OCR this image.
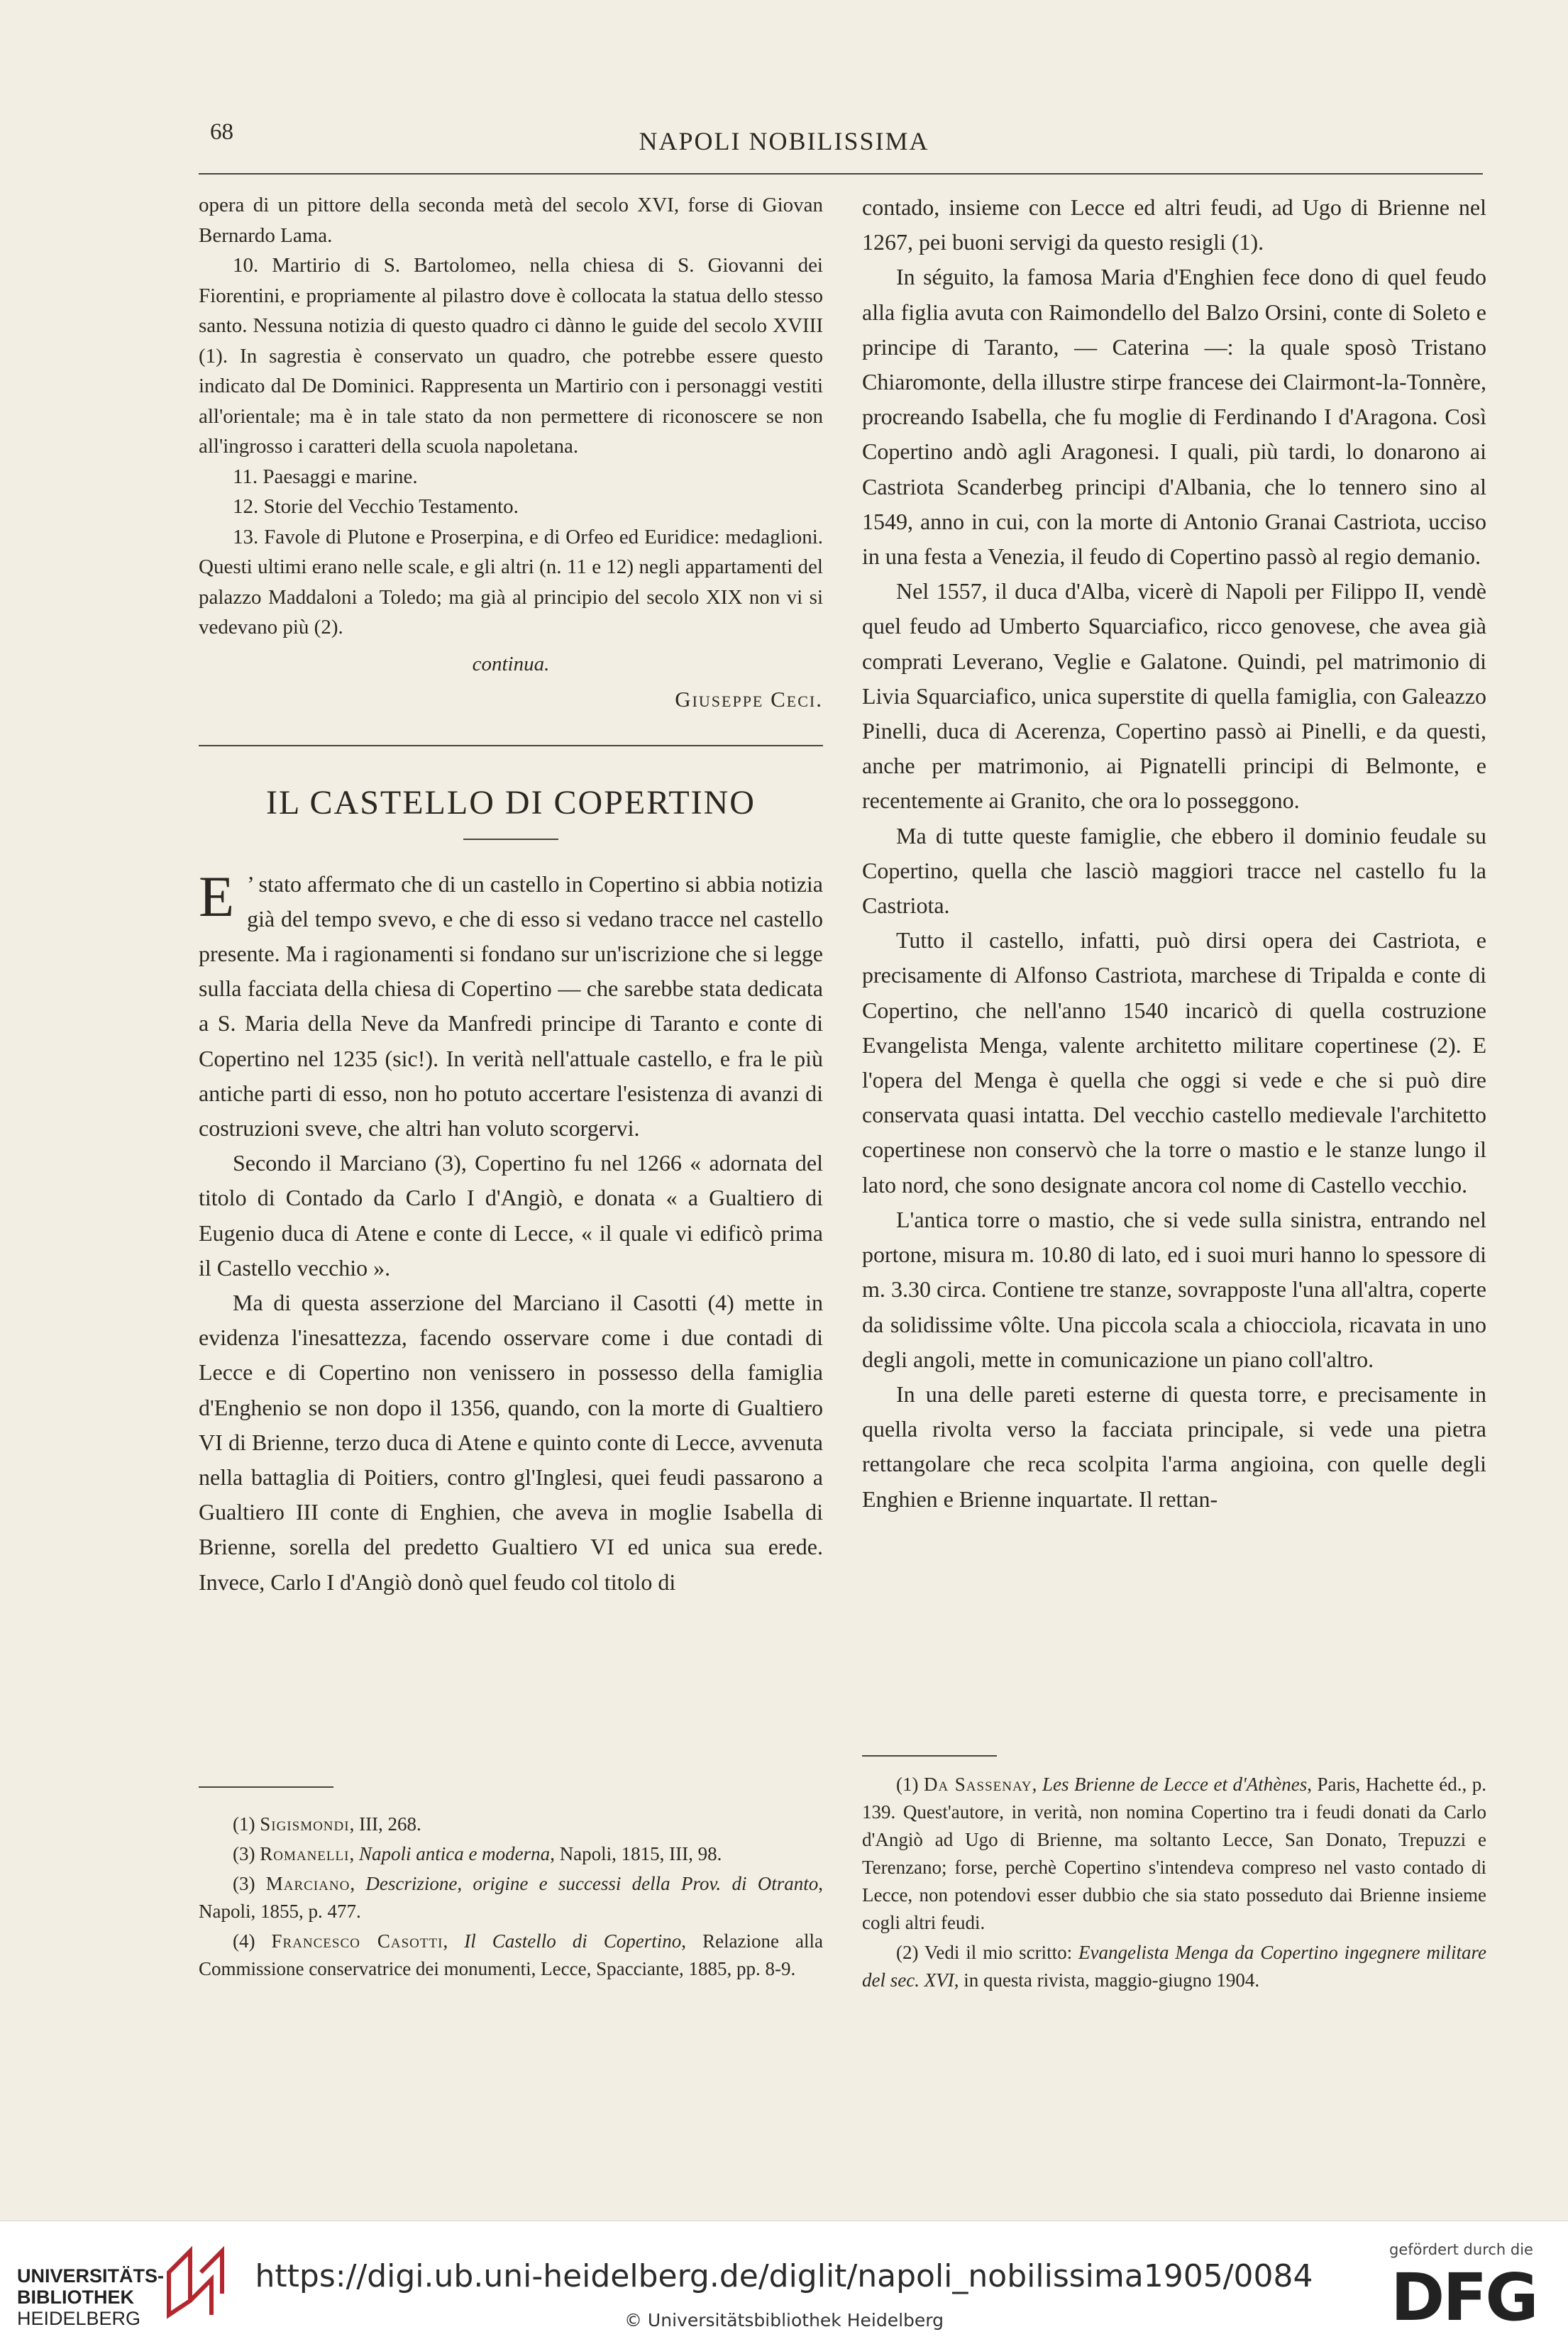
68	NAPOLI NOBILISSIMA

opera di un pittore della seconda metà del secolo XVI, forse di Giovan Bernardo Lama.

10. Martirio di S. Bartolomeo, nella chiesa di S. Giovanni dei Fiorentini, e propriamente al pilastro dove è collocata la statua dello stesso santo. Nessuna notizia di questo quadro ci dànno le guide del secolo XVIII (1). In sagrestia è conservato un quadro, che potrebbe essere questo indicato dal De Dominici. Rappresenta un Martirio con i personaggi vestiti all'orientale; ma è in tale stato da non permettere di riconoscere se non all'ingrosso i caratteri della scuola napoletana.

11. Paesaggi e marine.

12. Storie del Vecchio Testamento.

13. Favole di Plutone e Proserpina, e di Orfeo ed Euridice: medaglioni. Questi ultimi erano nelle scale, e gli altri (n. 11 e 12) negli appartamenti del palazzo Maddaloni a Toledo; ma già al principio del secolo XIX non vi si vedevano più (2).

continua.
Giuseppe Ceci.
IL CASTELLO DI COPERTINO

E ’ stato affermato che di un castello in Copertino si abbia notizia già del tempo svevo, e che di esso si vedano tracce nel castello presente. Ma i ragionamenti si fondano sur un'iscrizione che si legge sulla facciata della chiesa di Copertino — che sarebbe stata dedicata a S. Maria della Neve da Manfredi principe di Taranto e conte di Copertino nel 1235 (sic!). In verità nell'attuale castello, e fra le più antiche parti di esso, non ho potuto accertare l'esistenza di avanzi di costruzioni sveve, che altri han voluto scorgervi.

Secondo il Marciano (3), Copertino fu nel 1266 « adornata del titolo di Contado da Carlo I d'Angiò, e donata « a Gualtiero di Eugenio duca di Atene e conte di Lecce, « il quale vi edificò prima il Castello vecchio ».

Ma di questa asserzione del Marciano il Casotti (4) mette in evidenza l'inesattezza, facendo osservare come i due contadi di Lecce e di Copertino non venissero in possesso della famiglia d'Enghenio se non dopo il 1356, quando, con la morte di Gualtiero VI di Brienne, terzo duca di Atene e quinto conte di Lecce, avvenuta nella battaglia di Poitiers, contro gl'Inglesi, quei feudi passarono a Gualtiero III conte di Enghien, che aveva in moglie Isabella di Brienne, sorella del predetto Gualtiero VI ed unica sua erede. Invece, Carlo I d'Angiò donò quel feudo col titolo di

(1) Sigismondi, III, 268.

(3) Romanelli, Napoli antica e moderna, Napoli, 1815, III, 98.

(3) Marciano, Descrizione, origine e successi della Prov. di Otranto, Napoli, 1855, p. 477.

(4) Francesco Casotti, Il Castello di Copertino, Relazione alla Commissione conservatrice dei monumenti, Lecce, Spacciante, 1885, pp. 8-9.

contado, insieme con Lecce ed altri feudi, ad Ugo di Brienne nel 1267, pei buoni servigi da questo resigli (1).

In séguito, la famosa Maria d'Enghien fece dono di quel feudo alla figlia avuta con Raimondello del Balzo Orsini, conte di Soleto e principe di Taranto, — Caterina —: la quale sposò Tristano Chiaromonte, della illustre stirpe francese dei Clairmont-la-Tonnère, procreando Isabella, che fu moglie di Ferdinando I d'Aragona. Così Copertino andò agli Aragonesi. I quali, più tardi, lo donarono ai Castriota Scanderbeg principi d'Albania, che lo tennero sino al 1549, anno in cui, con la morte di Antonio Granai Castriota, ucciso in una festa a Venezia, il feudo di Copertino passò al regio demanio.

Nel 1557, il duca d'Alba, vicerè di Napoli per Filippo II, vendè quel feudo ad Umberto Squarciafico, ricco genovese, che avea già comprati Leverano, Veglie e Galatone. Quindi, pel matrimonio di Livia Squarciafico, unica superstite di quella famiglia, con Galeazzo Pinelli, duca di Acerenza, Copertino passò ai Pinelli, e da questi, anche per matrimonio, ai Pignatelli principi di Belmonte, e recentemente ai Granito, che ora lo posseggono.

Ma di tutte queste famiglie, che ebbero il dominio feudale su Copertino, quella che lasciò maggiori tracce nel castello fu la Castriota.

Tutto il castello, infatti, può dirsi opera dei Castriota, e precisamente di Alfonso Castriota, marchese di Tripalda e conte di Copertino, che nell'anno 1540 incaricò di quella costruzione Evangelista Menga, valente architetto militare copertinese (2). E l'opera del Menga è quella che oggi si vede e che si può dire conservata quasi intatta. Del vecchio castello medievale l'architetto copertinese non conservò che la torre o mastio e le stanze lungo il lato nord, che sono designate ancora col nome di Castello vecchio.

L'antica torre o mastio, che si vede sulla sinistra, entrando nel portone, misura m. 10.80 di lato, ed i suoi muri hanno lo spessore di m. 3.30 circa. Contiene tre stanze, sovrapposte l'una all'altra, coperte da solidissime vôlte. Una piccola scala a chiocciola, ricavata in uno degli angoli, mette in comunicazione un piano coll'altro.

In una delle pareti esterne di questa torre, e precisamente in quella rivolta verso la facciata principale, si vede una pietra rettangolare che reca scolpita l'arma angioina, con quelle degli Enghien e Brienne inquartate. Il rettan-

(1) Da Sassenay, Les Brienne de Lecce et d'Athènes, Paris, Hachette éd., p. 139. Quest'autore, in verità, non nomina Copertino tra i feudi donati da Carlo d'Angiò ad Ugo di Brienne, ma soltanto Lecce, San Donato, Trepuzzi e Terenzano; forse, perchè Copertino s'intendeva compreso nel vasto contado di Lecce, non potendovi esser dubbio che sia stato posseduto dai Brienne insieme cogli altri feudi.

(2) Vedi il mio scritto: Evangelista Menga da Copertino ingegnere militare del sec. XVI, in questa rivista, maggio-giugno 1904.

UNIVERSITÄTS-
BIBLIOTHEK
HEIDELBERG
https://digi.ub.uni-heidelberg.de/diglit/napoli_nobilissima1905/0084
© Universitätsbibliothek Heidelberg
gefördert durch die
DFG
